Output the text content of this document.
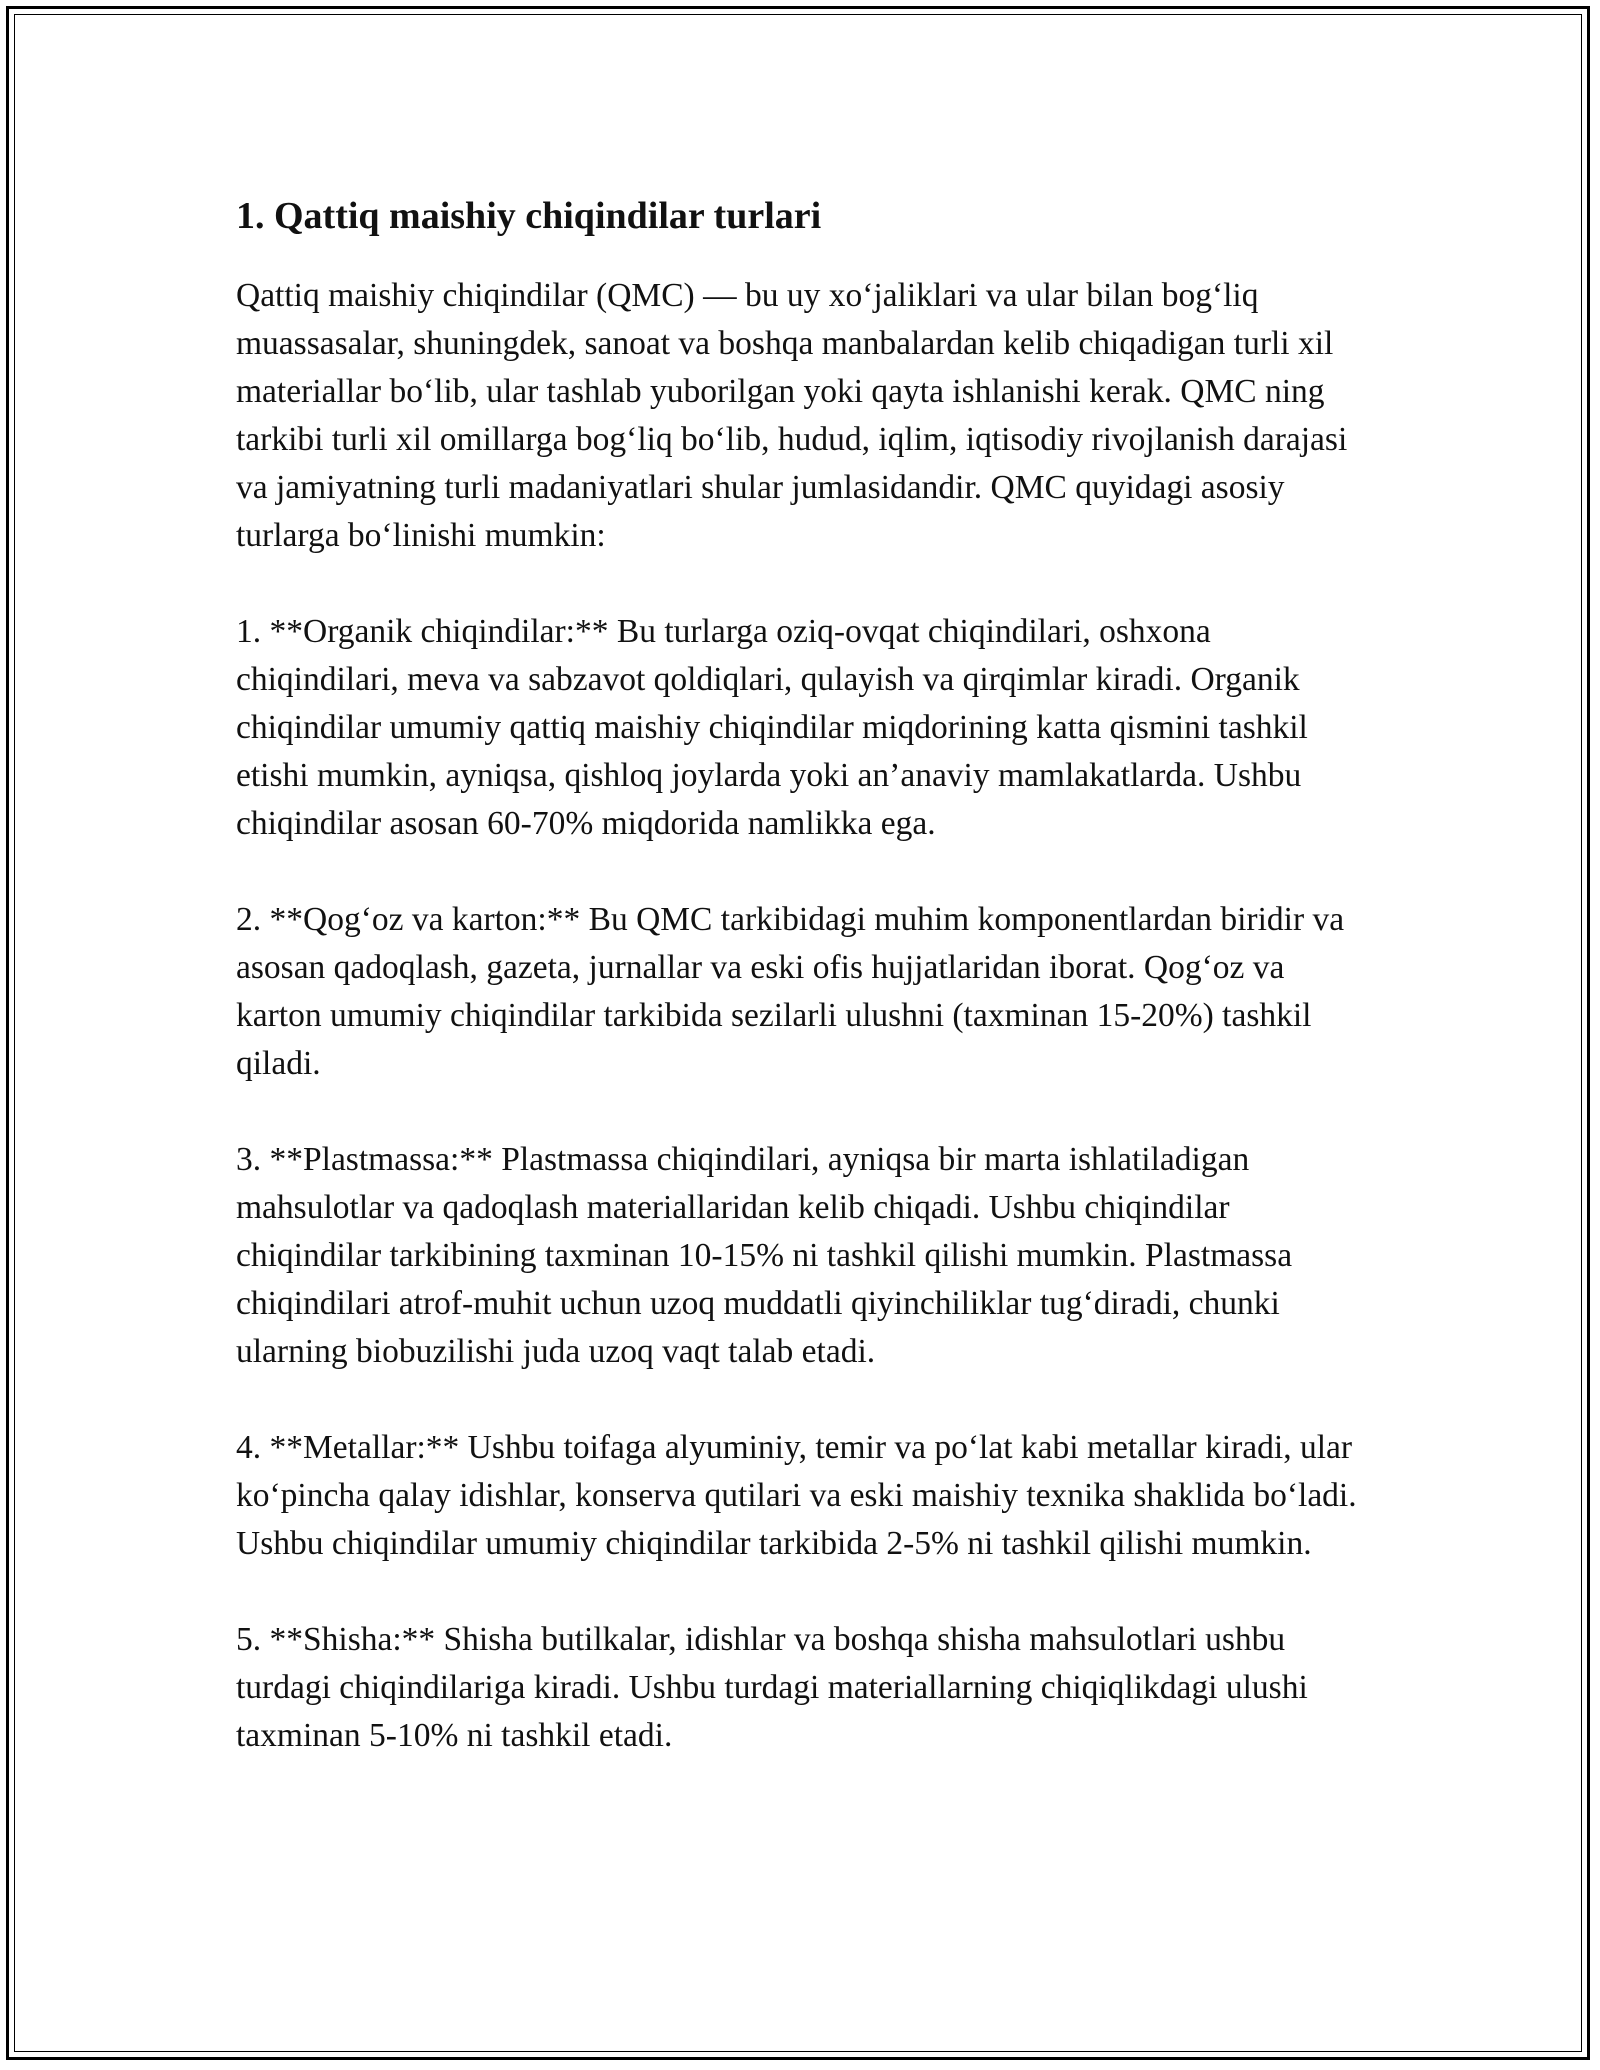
1. Qattiq maishiy chiqindilar turlari

Qattiq maishiy chiqindilar (QMC) — bu uy xo‘jaliklari va ular bilan bog‘liq muassasalar, shuningdek, sanoat va boshqa manbalardan kelib chiqadigan turli xil materiallar bo‘lib, ular tashlab yuborilgan yoki qayta ishlanishi kerak. QMC ning tarkibi turli xil omillarga bog‘liq bo‘lib, hudud, iqlim, iqtisodiy rivojlanish darajasi va jamiyatning turli madaniyatlari shular jumlasidandir. QMC quyidagi asosiy turlarga bo‘linishi mumkin:

1. **Organik chiqindilar:** Bu turlarga oziq-ovqat chiqindilari, oshxona chiqindilari, meva va sabzavot qoldiqlari, qulayish va qirqimlar kiradi. Organik chiqindilar umumiy qattiq maishiy chiqindilar miqdorining katta qismini tashkil etishi mumkin, ayniqsa, qishloq joylarda yoki an’anaviy mamlakatlarda. Ushbu chiqindilar asosan 60-70% miqdorida namlikka ega.

2. **Qog‘oz va karton:** Bu QMC tarkibidagi muhim komponentlardan biridir va asosan qadoqlash, gazeta, jurnallar va eski ofis hujjatlaridan iborat. Qog‘oz va karton umumiy chiqindilar tarkibida sezilarli ulushni (taxminan 15-20%) tashkil qiladi.

3. **Plastmassa:** Plastmassa chiqindilari, ayniqsa bir marta ishlatiladigan mahsulotlar va qadoqlash materiallaridan kelib chiqadi. Ushbu chiqindilar chiqindilar tarkibining taxminan 10-15% ni tashkil qilishi mumkin. Plastmassa chiqindilari atrof-muhit uchun uzoq muddatli qiyinchiliklar tug‘diradi, chunki ularning biobuzilishi juda uzoq vaqt talab etadi.

4. **Metallar:** Ushbu toifaga alyuminiy, temir va po‘lat kabi metallar kiradi, ular ko‘pincha qalay idishlar, konserva qutilari va eski maishiy texnika shaklida bo‘ladi. Ushbu chiqindilar umumiy chiqindilar tarkibida 2-5% ni tashkil qilishi mumkin.

5. **Shisha:** Shisha butilkalar, idishlar va boshqa shisha mahsulotlari ushbu turdagi chiqindilariga kiradi. Ushbu turdagi materiallarning chiqiqlikdagi ulushi taxminan 5-10% ni tashkil etadi.
